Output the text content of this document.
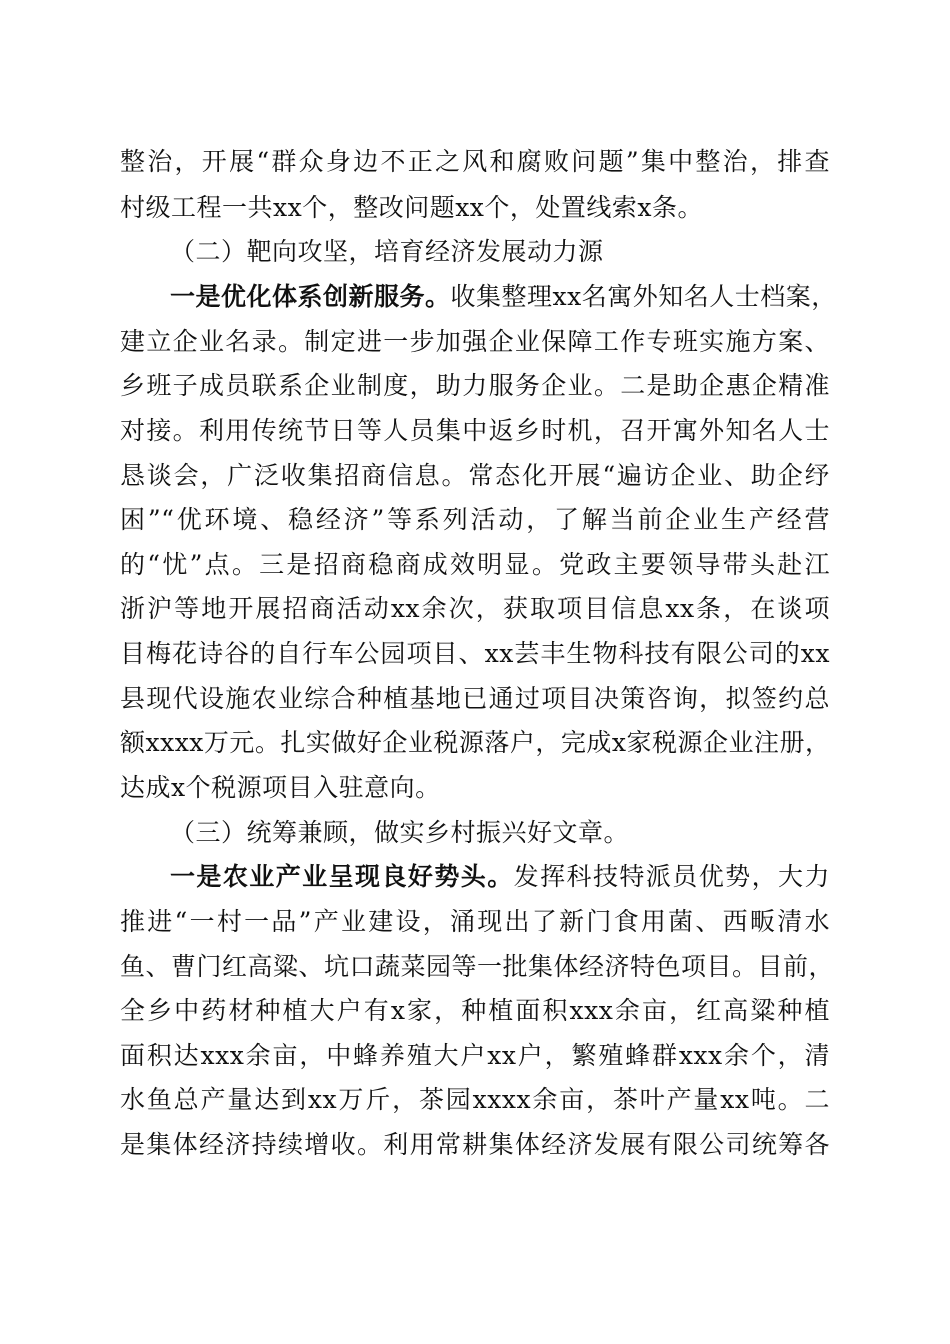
整治，开展“群众身边不正之风和腐败问题”集中整治，排查
村级工程一共xx个，整改问题xx个，处置线索x条。
（二）靶向攻坚，培育经济发展动力源
一是优化体系创新服务。收集整理xx名寓外知名人士档案，
建立企业名录。制定进一步加强企业保障工作专班实施方案、
乡班子成员联系企业制度，助力服务企业。二是助企惠企精准
对接。利用传统节日等人员集中返乡时机，召开寓外知名人士
恳谈会，广泛收集招商信息。常态化开展“遍访企业、助企纾
困”“优环境、稳经济”等系列活动，了解当前企业生产经营
的“忧”点。三是招商稳商成效明显。党政主要领导带头赴江
浙沪等地开展招商活动xx余次，获取项目信息xx条，在谈项
目梅花诗谷的自行车公园项目、xx芸丰生物科技有限公司的xx
县现代设施农业综合种植基地已通过项目决策咨询，拟签约总
额xxxx万元。扎实做好企业税源落户，完成x家税源企业注册，
达成x个税源项目入驻意向。
（三）统筹兼顾，做实乡村振兴好文章。
一是农业产业呈现良好势头。发挥科技特派员优势，大力
推进“一村一品”产业建设，涌现出了新门食用菌、西畈清水
鱼、曹门红高粱、坑口蔬菜园等一批集体经济特色项目。目前，
全乡中药材种植大户有x家，种植面积xxx余亩，红高粱种植
面积达xxx余亩，中蜂养殖大户xx户，繁殖蜂群xxx余个，清
水鱼总产量达到xx万斤，茶园xxxx余亩，茶叶产量xx吨。二
是集体经济持续增收。利用常耕集体经济发展有限公司统筹各
